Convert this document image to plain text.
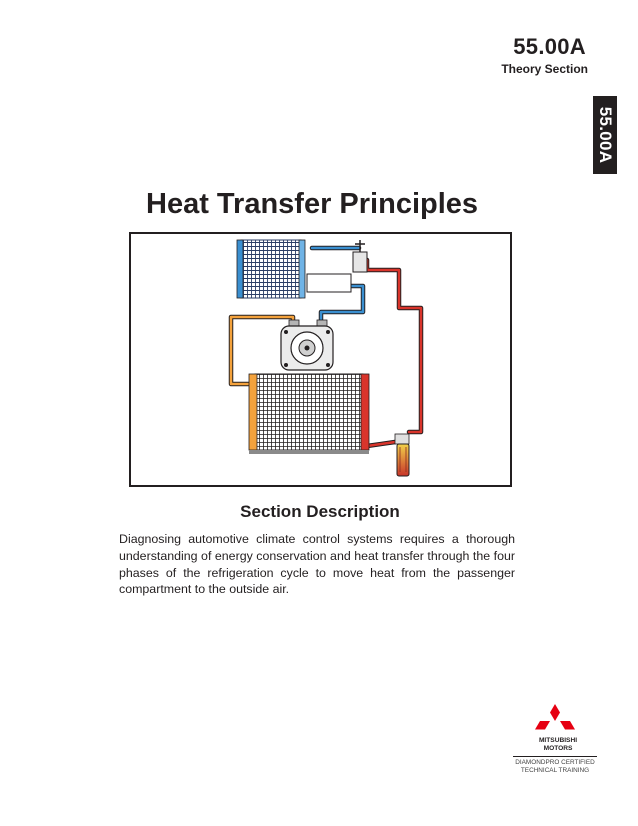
55.00A
Theory Section
55.00A
Heat Transfer Principles
Section Description

Diagnosing automotive climate control systems requires a thorough understanding of energy conservation and heat transfer through the four phases of the refrigeration cycle to move heat from the passenger compartment to the outside air.

MITSUBISHI
MOTORS
DIAMONDPRO CERTIFIED
TECHNICAL TRAINING
